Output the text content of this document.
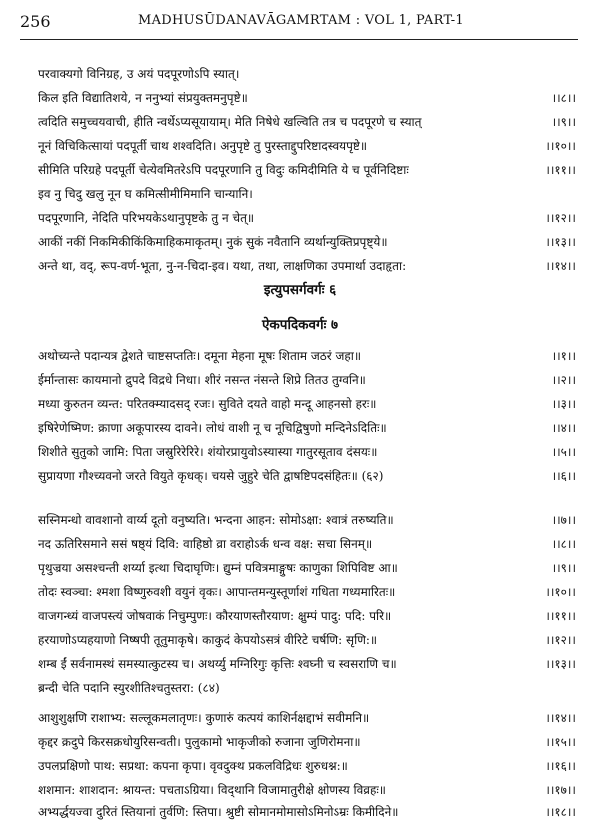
256	MADHUSŪDANAVĀGAMRTAM : VOL 1, PART-1
परवाक्यगो विनिग्रह, उ अयं पदपूरणोऽपि स्यात्।
किल इति विद्यातिशये, न ननुभ्यां संप्रयुक्तमनुपृष्टे॥	।।८।।
त्वदिति समुच्चयवाची, हीति न्वर्थेऽप्यसूयायाम्। मेति निषेधे खल्विति तत्र च पदपूरणे च स्यात्	।।९।।
नूनं विचिकित्सायां पदपूर्ती चाथ शश्वदिति। अनुपृष्टे तु पुरस्ताद्दुपरिष्टादस्वयपृष्टे॥	।।१०।।
सीमिति परिग्रहे पदपूर्ती चेत्येवमितरेऽपि पदपूरणानि तु विदुः कमिदीमिति ये च पूर्वनिदिष्टाः	।।११।।
इव नु चिदु खलु नून घ कमित्सीमीमिमानि चान्यानि।
पदपूरणानि, नेदिति परिभयकेऽथानुपृष्टके तु न चेत्॥	।।१२।।
आकीं नकीं निकमिकीकिंकिमाहिकमाकृतम्। नुकं सुकं नवैतानि व्यर्थान्युक्तिप्रपृष्ट्ये॥	।।१३।।
अन्ते था, वद्, रूप-वर्ण-भूता, नु-न-चिदा-इव। यथा, तथा, लाक्षणिका उपमार्था उदाहृता:	।।१४।।
इत्युपसर्गवर्गः ६
ऐकपदिकवर्गः ७
अथोच्यन्ते पदान्यत्र द्वेशते चाष्टसप्ततिः। दमूना मेहना मूषः शिताम जठरं जहा॥	।।१।।
ईर्मान्तासः कायमानो द्रुपदे विद्रधे निधा। शीरं नसन्त नंसन्ते शिप्रे तितउ तुग्वनि॥	।।२।।
मध्या कुरुतन व्यन्त: परितक्म्यादसद् रजः। सुविते दयते वाहो मन्दू आहनसो हरः॥	।।३।।
इषिरेणेष्मिण: क्राणा अकूपारस्य दावने। लोधं वाशी नू च नूचिद्विषुणो मन्दिनेऽदितिः॥	।।४।।
शिशीते सुतुको जामि: पिता जस्रुरिरेरिरे। शंयोरप्रायुवोऽस्यास्या गातुरसूताव दंसयः॥	।।५।।
सुप्रायणा गौश्च्यवनो जरते वियुते कृधक्। चयसे जुहुरे चेति द्वाषष्टिपदसंहितः॥ (६२)	।।६।।
सस्निमन्धो वावशानो वार्य्य दूतो वनुष्यति। भन्दना आहन: सोमोऽक्षा: श्वात्रं तरुष्यति॥	।।७।।
नद ऊतिरिसमाने ससं षष्ठ्यं दिवि: वाहिष्ठो व्रा वराहोऽर्क धन्व वक्ष: सचा सिनम्॥	।।८।।
पृथुज्रया असश्चन्ती शर्य्या इत्था चिदाघृणिः। द्युम्नं पवित्रमाङ्गुषः काणुका शिपिविष्ट आ॥	।।९।।
तोदः स्वञ्चा: श्मशा विष्णुरुवशी वयुनं वृकः। आपान्तमन्युस्तूर्णाशं गधिता गध्यमारितः॥	।।१०।।
वाजगन्ध्यं वाजपस्त्यं जोषवाकं निचुम्पुणः। कौरयाणस्तौरयाण: क्षुम्पं पादु: पदि: परि॥	।।११।।
हरयाणोऽप्यहयाणो निष्षपी तूतुमाकृषे। काकुदं केपयोऽसत्रं वीरिटे चर्षणि: सृणि:॥	।।१२।।
शम्ब ईं सर्वनामस्थं समस्यात्कुटस्य च। अथर्य्यु मग्निरिगुः कृत्तिः श्वघ्नी च स्वसराणि च॥	।।१३।।
ब्रन्दी चेति पदानि स्युरशीतिश्चतुस्तरा: (८४)
आशुशुक्षणि राशाभ्य: सल्लूकमलातृणः। कुणारुं कत्पयं काशिर्नक्षद्दाभं सवीमनि॥	।।१४।।
कृद्दर क्रदुपे किरसक्रधोयुरिसन्वती। पुलुकामो भाकृजीको रुजाना जुणिरोमना॥	।।१५।।
उपलप्रक्षिणो पाथ: सप्रथा: कपना कृपा। वृवदुक्थ प्रकलविद्रिधः शुरुधश्न:॥	।।१६।।
शशमान: शाशदान: श्रायन्त: पचताऽग्रिया। विद्थानि विजामातुरीक्षे क्षोणस्य विव्रहः॥	।।१७।।
अभ्यर्द्धयज्वा दुरितं स्तियानां तुर्वणि: स्तिपा। श्रुष्टी सोमानमोमासोऽमिनोऽम्रः किमीदिने॥	।।१८।।
